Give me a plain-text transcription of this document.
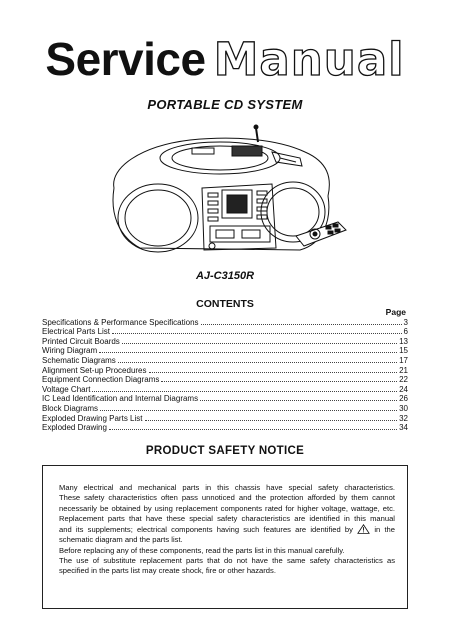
Service Manual
PORTABLE CD SYSTEM
AJ-C3150R
CONTENTS
Page
Specifications & Performance Specifications	3
Electrical Parts List	6
Printed Circuit Boards	13
Wiring Diagram	15
Schematic Diagrams	17
Alignment Set-up Procedures	21
Equipment Connection Diagrams	22
Voltage Chart	24
IC Lead Identification and Internal Diagrams	26
Block Diagrams	30
Exploded Drawing Parts List	32
Exploded Drawing	34
PRODUCT SAFETY NOTICE

Many electrical and mechanical parts in this chassis have special safety characteristics.

These safety characteristics often pass unnoticed and the protection afforded by them cannot

necessarily be obtained by using replacement components rated for higher voltage, wattage, etc.

Replacement parts that have these special safety characteristics are identified in this manual

and its supplements; electrical components having such features are identified by	in the

schematic diagram and the parts list.

Before replacing any of these components, read the parts list in this manual carefully.

The use of substitute replacement parts that do not have the same safety characteristics as

specified in the parts list may create shock, fire or other hazards.
